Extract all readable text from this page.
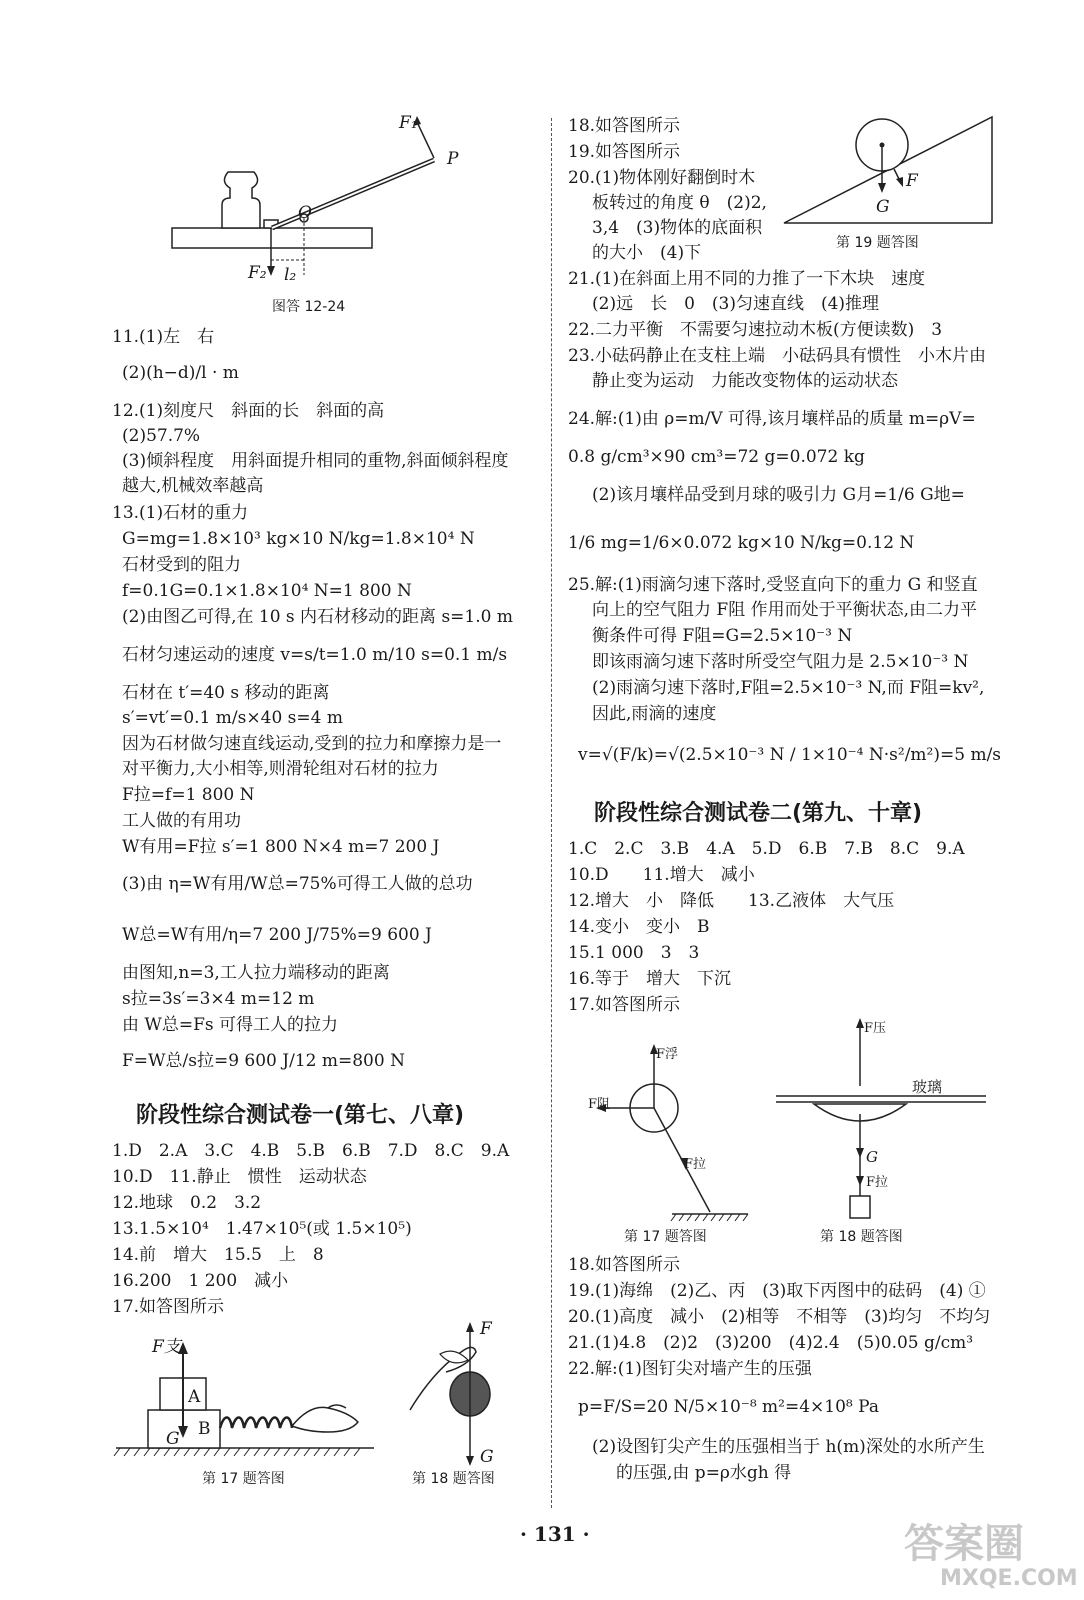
F₁
P
O
F₂ l₂
图答 12-24
11.(1)左　右
(2)(h−d)/l · m
12.(1)刻度尺　斜面的长　斜面的高
(2)57.7%
(3)倾斜程度　用斜面提升相同的重物,斜面倾斜程度
越大,机械效率越高
13.(1)石材的重力
G=mg=1.8×10³ kg×10 N/kg=1.8×10⁴ N
石材受到的阻力
f=0.1G=0.1×1.8×10⁴ N=1 800 N
(2)由图乙可得,在 10 s 内石材移动的距离 s=1.0 m
石材匀速运动的速度 v=s/t=1.0 m/10 s=0.1 m/s
石材在 t′=40 s 移动的距离
s′=vt′=0.1 m/s×40 s=4 m
因为石材做匀速直线运动,受到的拉力和摩擦力是一
对平衡力,大小相等,则滑轮组对石材的拉力
F拉=f=1 800 N
工人做的有用功
W有用=F拉 s′=1 800 N×4 m=7 200 J
(3)由 η=W有用/W总=75%可得工人做的总功
W总=W有用/η=7 200 J/75%=9 600 J
由图知,n=3,工人拉力端移动的距离
s拉=3s′=3×4 m=12 m
由 W总=Fs 可得工人的拉力
F=W总/s拉=9 600 J/12 m=800 N
阶段性综合测试卷一(第七、八章)
1.D　2.A　3.C　4.B　5.B　6.B　7.D　8.C　9.A
10.D　11.静止　惯性　运动状态
12.地球　0.2　3.2
13.1.5×10⁴　1.47×10⁵(或 1.5×10⁵)
14.前　增大　15.5　上　8
16.200　1 200　减小
17.如答图所示
F支
A
B
G
第 17 题答图
F
G
第 18 题答图
18.如答图所示
19.如答图所示
20.(1)物体刚好翻倒时木
板转过的角度 θ　(2)2,
3,4　(3)物体的底面积
的大小　(4)下
F
G
第 19 题答图
21.(1)在斜面上用不同的力推了一下木块　速度
(2)远　长　0　(3)匀速直线　(4)推理
22.二力平衡　不需要匀速拉动木板(方便读数)　3
23.小砝码静止在支柱上端　小砝码具有惯性　小木片由
静止变为运动　力能改变物体的运动状态
24.解:(1)由 ρ=m/V 可得,该月壤样品的质量 m=ρV=
0.8 g/cm³×90 cm³=72 g=0.072 kg
(2)该月壤样品受到月球的吸引力 G月=1/6 G地=
1/6 mg=1/6×0.072 kg×10 N/kg=0.12 N
25.解:(1)雨滴匀速下落时,受竖直向下的重力 G 和竖直
向上的空气阻力 F阻 作用而处于平衡状态,由二力平
衡条件可得 F阻=G=2.5×10⁻³ N
即该雨滴匀速下落时所受空气阻力是 2.5×10⁻³ N
(2)雨滴匀速下落时,F阻=2.5×10⁻³ N,而 F阻=kv²,
因此,雨滴的速度
v=√(F/k)=√(2.5×10⁻³ N / 1×10⁻⁴ N·s²/m²)=5 m/s
阶段性综合测试卷二(第九、十章)
1.C　2.C　3.B　4.A　5.D　6.B　7.B　8.C　9.A
10.D　　11.增大　减小
12.增大　小　降低　　13.乙液体　大气压
14.变小　变小　B
15.1 000　3　3
16.等于　增大　下沉
17.如答图所示
F浮
F阻
F拉
第 17 题答图
F压
玻璃
G
F拉
第 18 题答图
18.如答图所示
19.(1)海绵　(2)乙、丙　(3)取下丙图中的砝码　(4) ①
20.(1)高度　减小　(2)相等　不相等　(3)均匀　不均匀
21.(1)4.8　(2)2　(3)200　(4)2.4　(5)0.05 g/cm³
22.解:(1)图钉尖对墙产生的压强
p=F/S=20 N/5×10⁻⁸ m²=4×10⁸ Pa
(2)设图钉尖产生的压强相当于 h(m)深处的水所产生
的压强,由 p=ρ水gh 得
· 131 ·	答案圈
MXQE.COM
